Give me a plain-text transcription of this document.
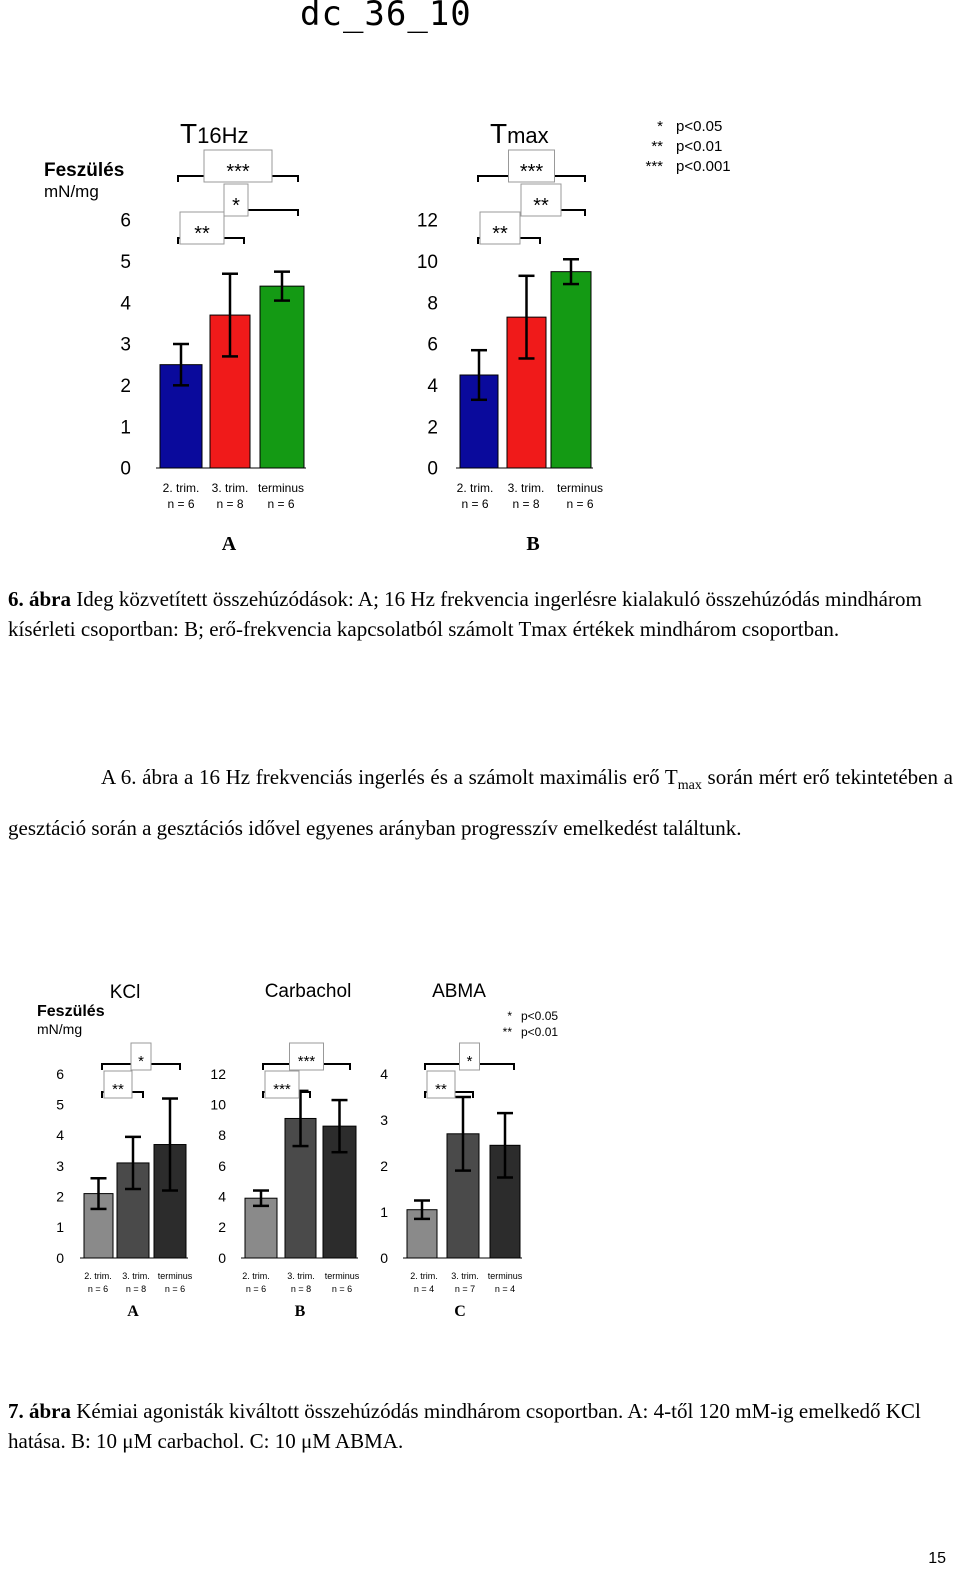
dc_36_10
Feszülés
mN/mg
T16Hz	Tmax	* p<0.05
** p<0.01
*** p<0.001
0
1
2
3
4
5
6
2. trim.
n = 6
3. trim.
n = 8
terminus
n = 6
**
*
***
0
2
4
6
8
10
12
2. trim.
n = 6
3. trim.
n = 8
terminus
n = 6
**
**
***
A	B
6. ábra Ideg közvetített összehúzódások: A; 16 Hz frekvencia ingerlésre kialakuló összehúzódás mindhárom kísérleti csoportban: B; erő-frekvencia kapcsolatból számolt Tmax értékek mindhárom csoportban.
A 6. ábra a 16 Hz frekvenciás ingerlés és a számolt maximális erő $T_{max}$ során mért erő tekintetében a gesztáció során a gesztációs idővel egyenes arányban progresszív emelkedést találtunk.
Feszülés
mN/mg
KCl	Carbachol	ABMA
* p<0.05
** p<0.01
0
1
2
3
4
5
6
2. trim.
n = 6
3. trim.
n = 8
terminus
n = 6
**
*
0
2
4
6
8
10
12
2. trim.
n = 6
3. trim.
n = 8
terminus
n = 6
***
***
0
1
2
3
4
2. trim.
n = 4
3. trim.
n = 7
terminus
n = 4
**
*
A	B	C
7. ábra Kémiai agonisták kiváltott összehúzódás mindhárom csoportban. A: 4-től 120 mM-ig emelkedő KCl hatása. B: 10 μM carbachol. C: 10 μM ABMA.
15
